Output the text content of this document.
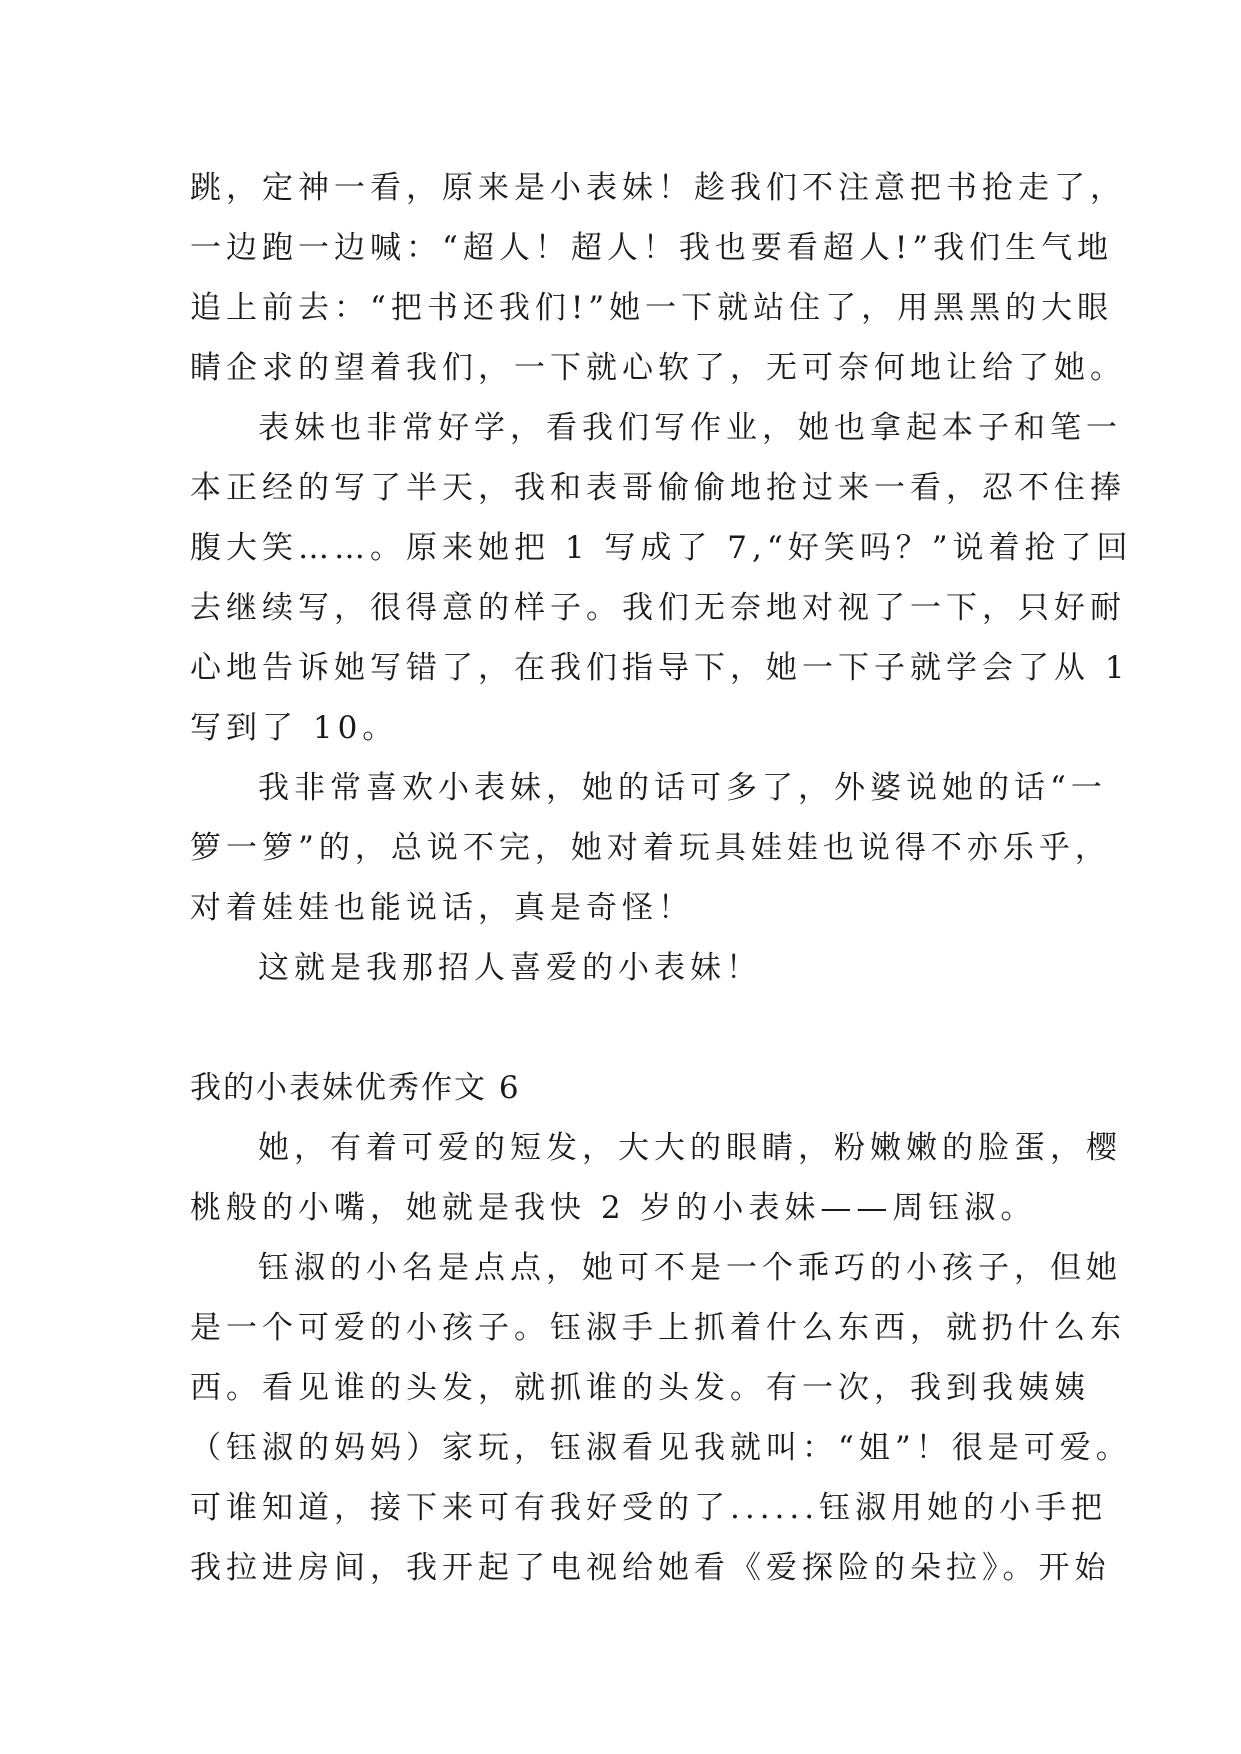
跳，定神一看，原来是小表妹！趁我们不注意把书抢走了，
一边跑一边喊：“超人！超人！我也要看超人!”我们生气地
追上前去：“把书还我们!”她一下就站住了，用黑黑的大眼
睛企求的望着我们，一下就心软了，无可奈何地让给了她。
表妹也非常好学，看我们写作业，她也拿起本子和笔一
本正经的写了半天，我和表哥偷偷地抢过来一看，忍不住捧
腹大笑……。原来她把 1 写成了 7,“好笑吗？”说着抢了回
去继续写，很得意的样子。我们无奈地对视了一下，只好耐
心地告诉她写错了，在我们指导下，她一下子就学会了从 1
写到了 10。
我非常喜欢小表妹，她的话可多了，外婆说她的话“一
箩一箩”的，总说不完，她对着玩具娃娃也说得不亦乐乎，
对着娃娃也能说话，真是奇怪！
这就是我那招人喜爱的小表妹！
我的小表妹优秀作文 6
她，有着可爱的短发，大大的眼睛，粉嫩嫩的脸蛋，樱
桃般的小嘴，她就是我快 2 岁的小表妹——周钰淑。
钰淑的小名是点点，她可不是一个乖巧的小孩子，但她
是一个可爱的小孩子。钰淑手上抓着什么东西，就扔什么东
西。看见谁的头发，就抓谁的头发。有一次，我到我姨姨
（钰淑的妈妈）家玩，钰淑看见我就叫：“姐”！很是可爱。
可谁知道，接下来可有我好受的了......钰淑用她的小手把
我拉进房间，我开起了电视给她看《爱探险的朵拉》。开始
